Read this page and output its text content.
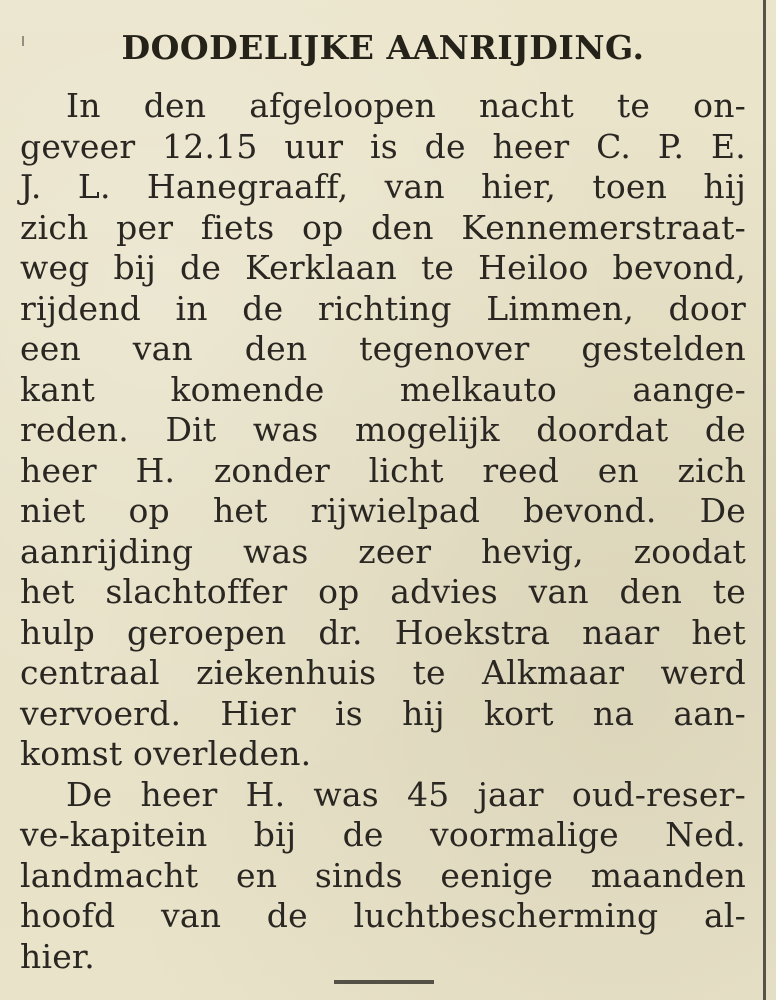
DOODELIJKE AANRIJDING.
In den afgeloopen nacht te on-
geveer 12.15 uur is de heer C. P. E.
J. L. Hanegraaff, van hier, toen hij
zich per fiets op den Kennemerstraat-
weg bij de Kerklaan te Heiloo bevond,
rijdend in de richting Limmen, door
een van den tegenover gestelden
kant komende melkauto aange-
reden. Dit was mogelijk doordat de
heer H. zonder licht reed en zich
niet op het rijwielpad bevond. De
aanrijding was zeer hevig, zoodat
het slachtoffer op advies van den te
hulp geroepen dr. Hoekstra naar het
centraal ziekenhuis te Alkmaar werd
vervoerd. Hier is hij kort na aan-
komst overleden.
De heer H. was 45 jaar oud-reser-
ve-kapitein bij de voormalige Ned.
landmacht en sinds eenige maanden
hoofd van de luchtbescherming al-
hier.
